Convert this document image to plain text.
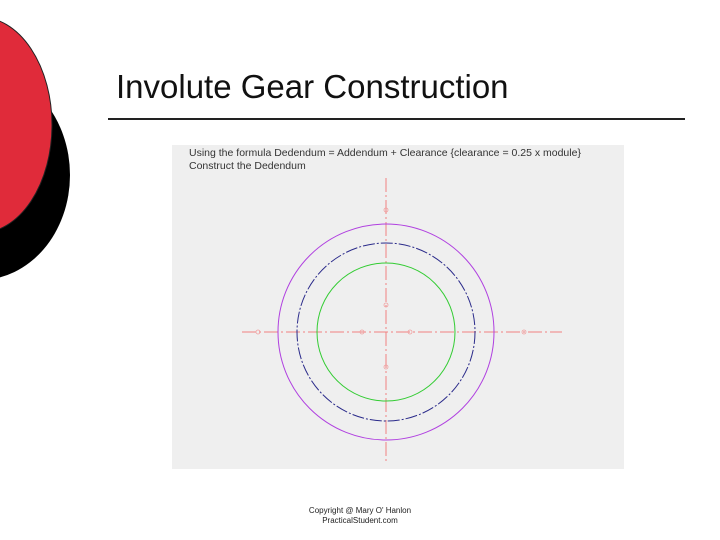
Involute Gear Construction
Using the formula Dedendum = Addendum + Clearance {clearance = 0.25 x module}
Construct the Dedendum
Copyright @ Mary O' Hanlon
PracticalStudent.com
